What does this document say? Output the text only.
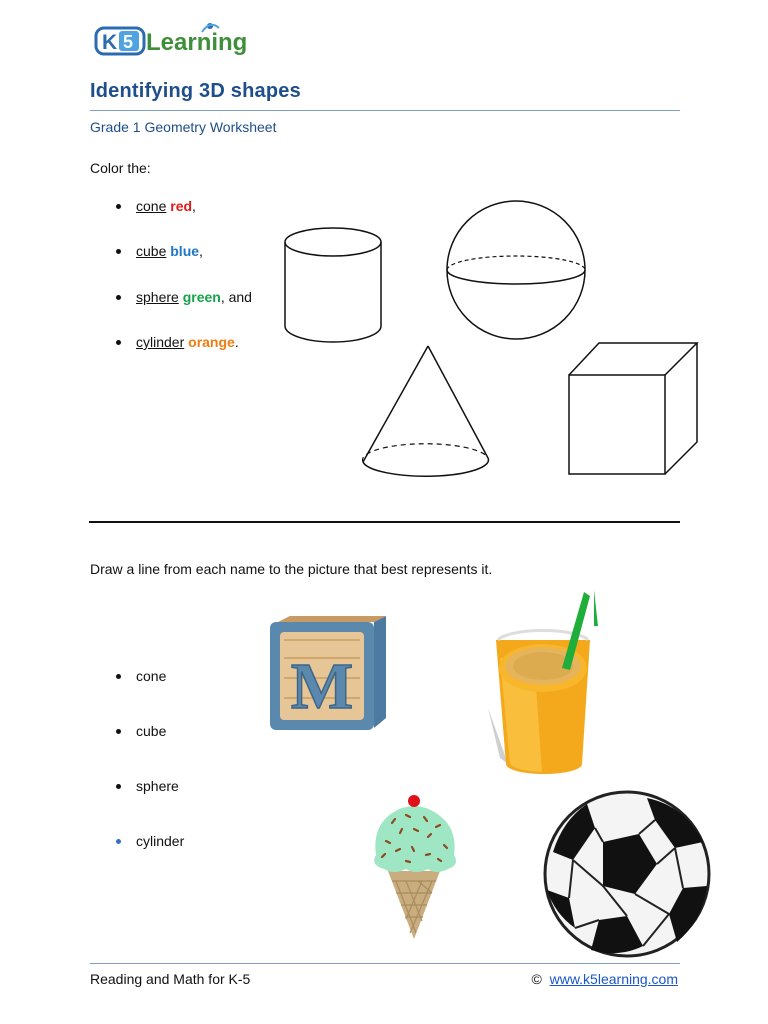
K 5 Learning
Identifying 3D shapes
Grade 1 Geometry Worksheet
Color the:
cone red,
cube blue,
sphere green, and
cylinder orange.
Draw a line from each name to the picture that best represents it.
cone
cube
sphere
cylinder
M
Reading and Math for K-5	© www.k5learning.com
